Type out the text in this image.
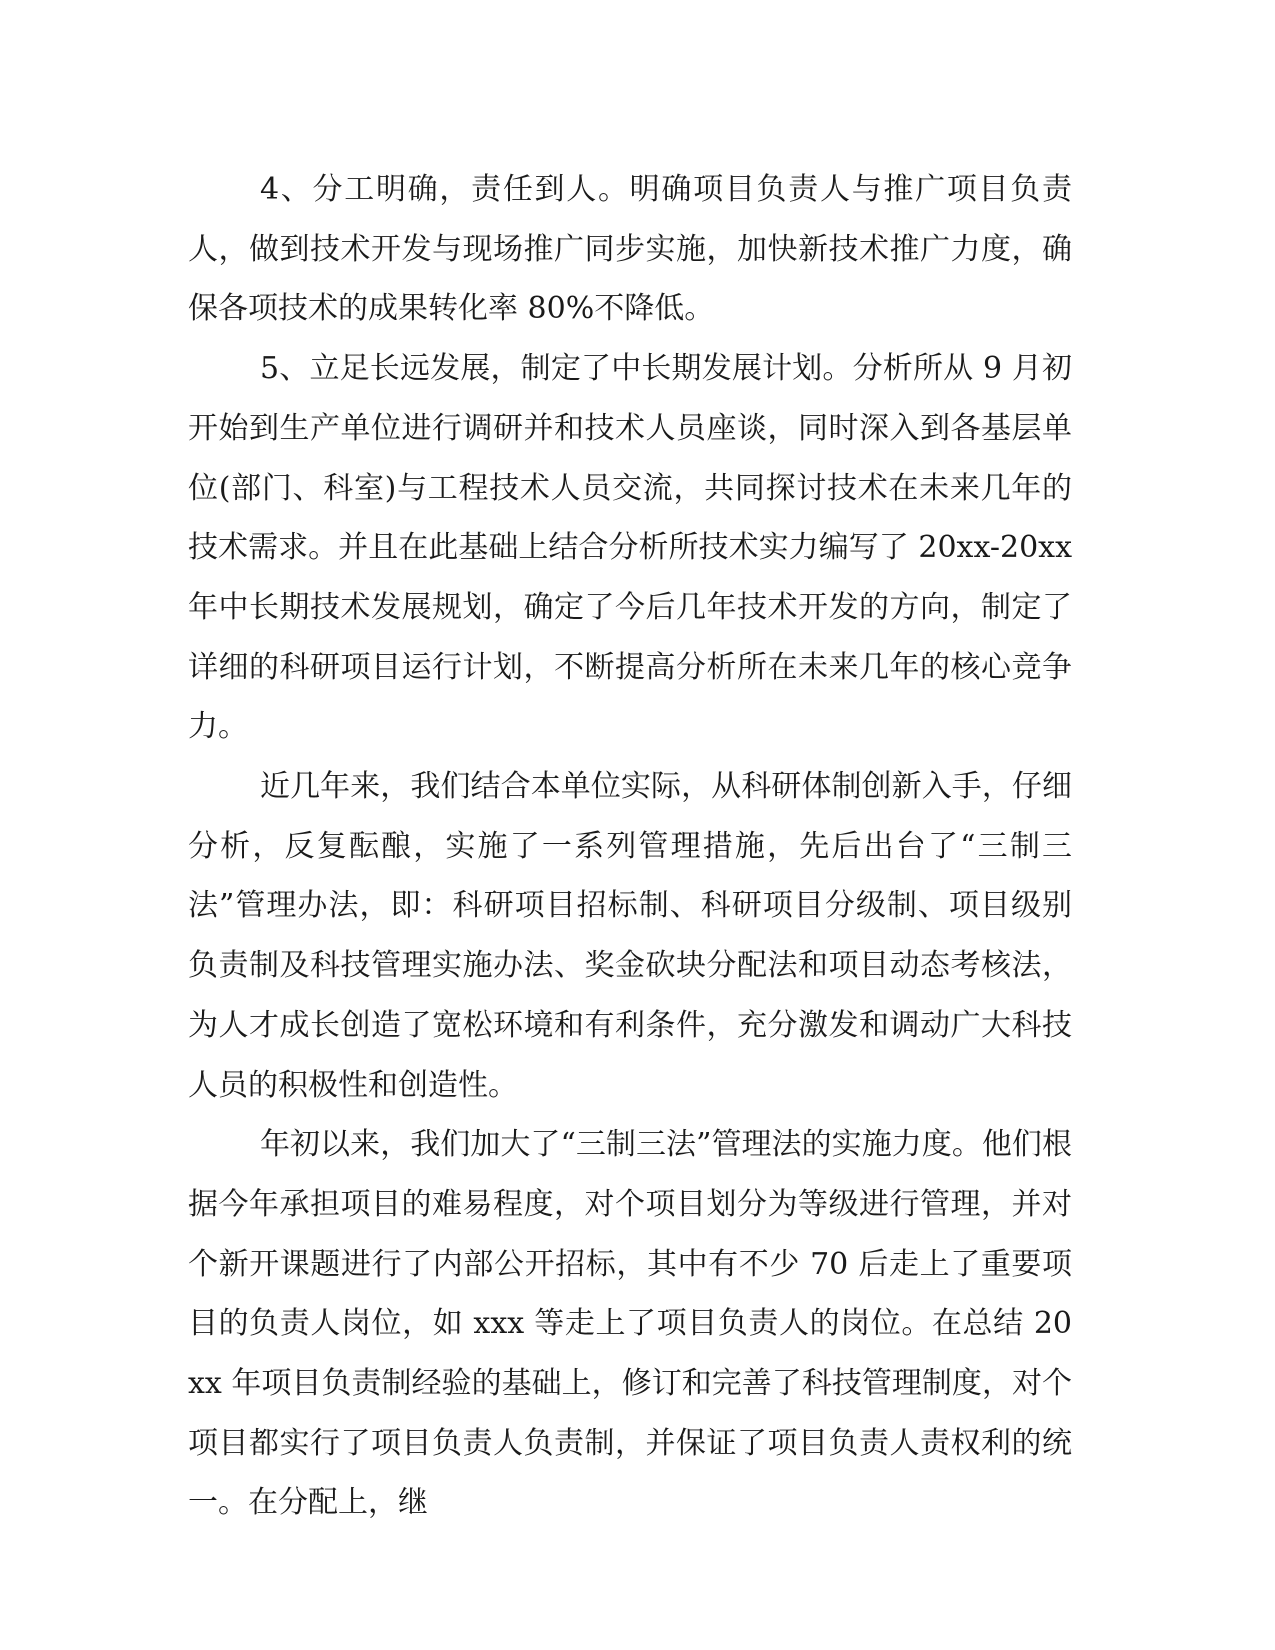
4、分工明确，责任到人。明确项目负责人与推广项目负责人，做到技术开发与现场推广同步实施，加快新技术推广力度，确保各项技术的成果转化率 80%不降低。

5、立足长远发展，制定了中长期发展计划。分析所从 9 月初开始到生产单位进行调研并和技术人员座谈，同时深入到各基层单位(部门、科室)与工程技术人员交流，共同探讨技术在未来几年的技术需求。并且在此基础上结合分析所技术实力编写了 20xx-20xx 年中长期技术发展规划，确定了今后几年技术开发的方向，制定了详细的科研项目运行计划，不断提高分析所在未来几年的核心竞争力。

近几年来，我们结合本单位实际，从科研体制创新入手，仔细分析，反复酝酿，实施了一系列管理措施，先后出台了“三制三法”管理办法，即：科研项目招标制、科研项目分级制、项目级别负责制及科技管理实施办法、奖金砍块分配法和项目动态考核法，为人才成长创造了宽松环境和有利条件，充分激发和调动广大科技人员的积极性和创造性。

年初以来，我们加大了“三制三法”管理法的实施力度。他们根据今年承担项目的难易程度，对个项目划分为等级进行管理，并对个新开课题进行了内部公开招标，其中有不少 70 后走上了重要项目的负责人岗位，如 xxx 等走上了项目负责人的岗位。在总结 20xx 年项目负责制经验的基础上，修订和完善了科技管理制度，对个项目都实行了项目负责人负责制，并保证了项目负责人责权利的统一。在分配上，继
